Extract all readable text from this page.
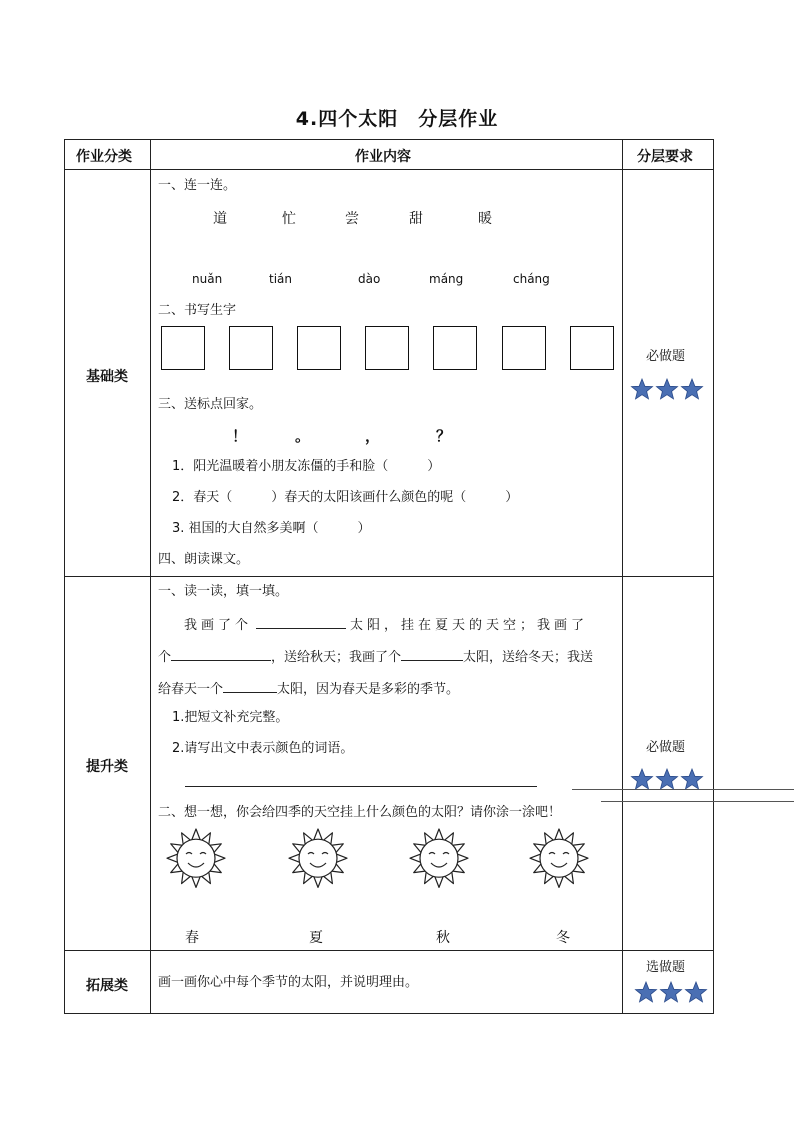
4.四个太阳　分层作业
作业分类	作业内容	分层要求
基础类
一、连一连。
道	忙	尝	甜	暖
nuǎn	tián	dào	máng	cháng
二、书写生字
三、送标点回家。
！	。	，	？
1．阳光温暖着小朋友冻僵的手和脸（　　　）
2．春天（　　　）春天的太阳该画什么颜色的呢（　　　）
3. 祖国的大自然多美啊（　　　）
四、朗读课文。
必做题
提升类
一、读一读，填一填。
我画了个	太阳，挂在夏天的天空；我画了
个	，送给秋天；我画了个	太阳，送给冬天；我送
给春天一个	太阳，因为春天是多彩的季节。
1.把短文补充完整。
2.请写出文中表示颜色的词语。
二、想一想，你会给四季的天空挂上什么颜色的太阳？请你涂一涂吧！
春	夏	秋	冬
必做题
拓展类 画一画你心中每个季节的太阳，并说明理由。
选做题
